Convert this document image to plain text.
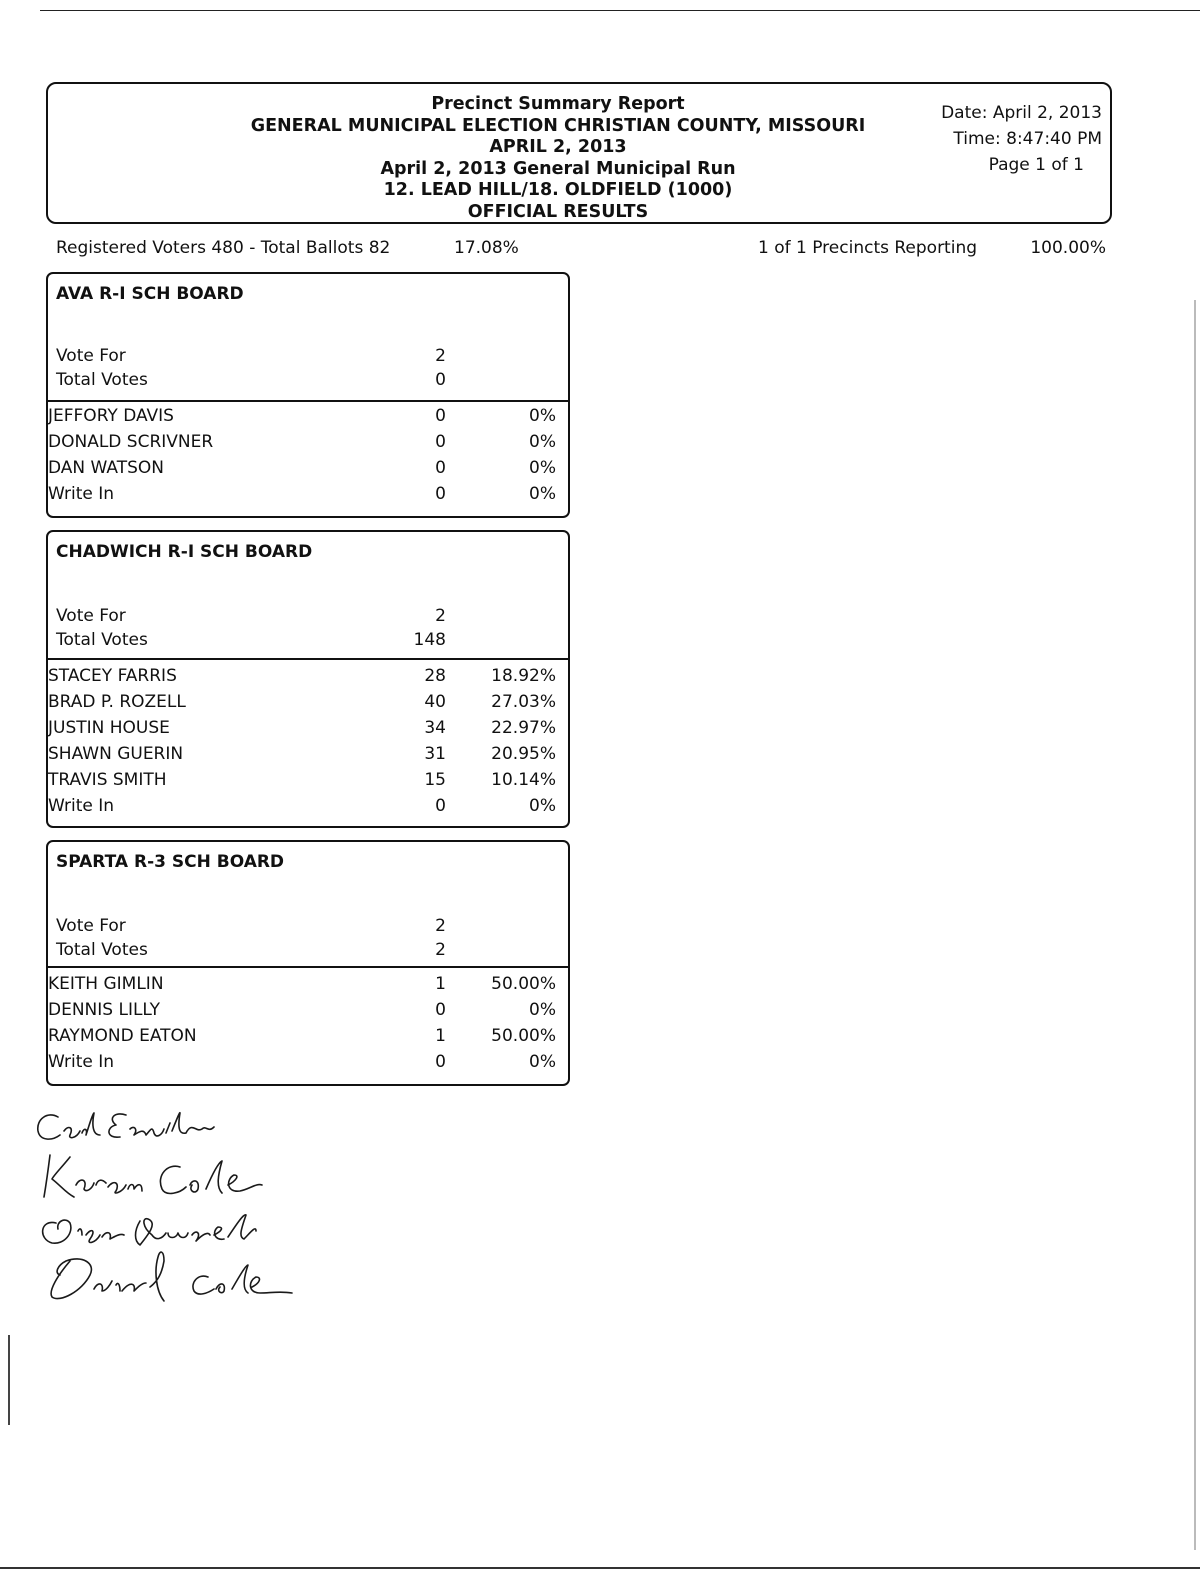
Precinct Summary Report
GENERAL MUNICIPAL ELECTION CHRISTIAN COUNTY, MISSOURI
APRIL 2, 2013
April 2, 2013 General Municipal Run
12. LEAD HILL/18. OLDFIELD (1000)
OFFICIAL RESULTS
Date: April 2, 2013
Time: 8:47:40 PM
Page 1 of 1
Registered Voters 480 - Total Ballots 82	17.08%	1 of 1 Precincts Reporting	100.00%
AVA R-I SCH BOARD
Vote For	2
Total Votes	0
JEFFORY DAVIS	0	0%
DONALD SCRIVNER	0	0%
DAN WATSON	0	0%
Write In	0	0%
CHADWICH R-I SCH BOARD
Vote For	2
Total Votes	148
STACEY FARRIS	28	18.92%
BRAD P. ROZELL	40	27.03%
JUSTIN HOUSE	34	22.97%
SHAWN GUERIN	31	20.95%
TRAVIS SMITH	15	10.14%
Write In	0	0%
SPARTA R-3 SCH BOARD
Vote For	2
Total Votes	2
KEITH GIMLIN	1	50.00%
DENNIS LILLY	0	0%
RAYMOND EATON	1	50.00%
Write In	0	0%
